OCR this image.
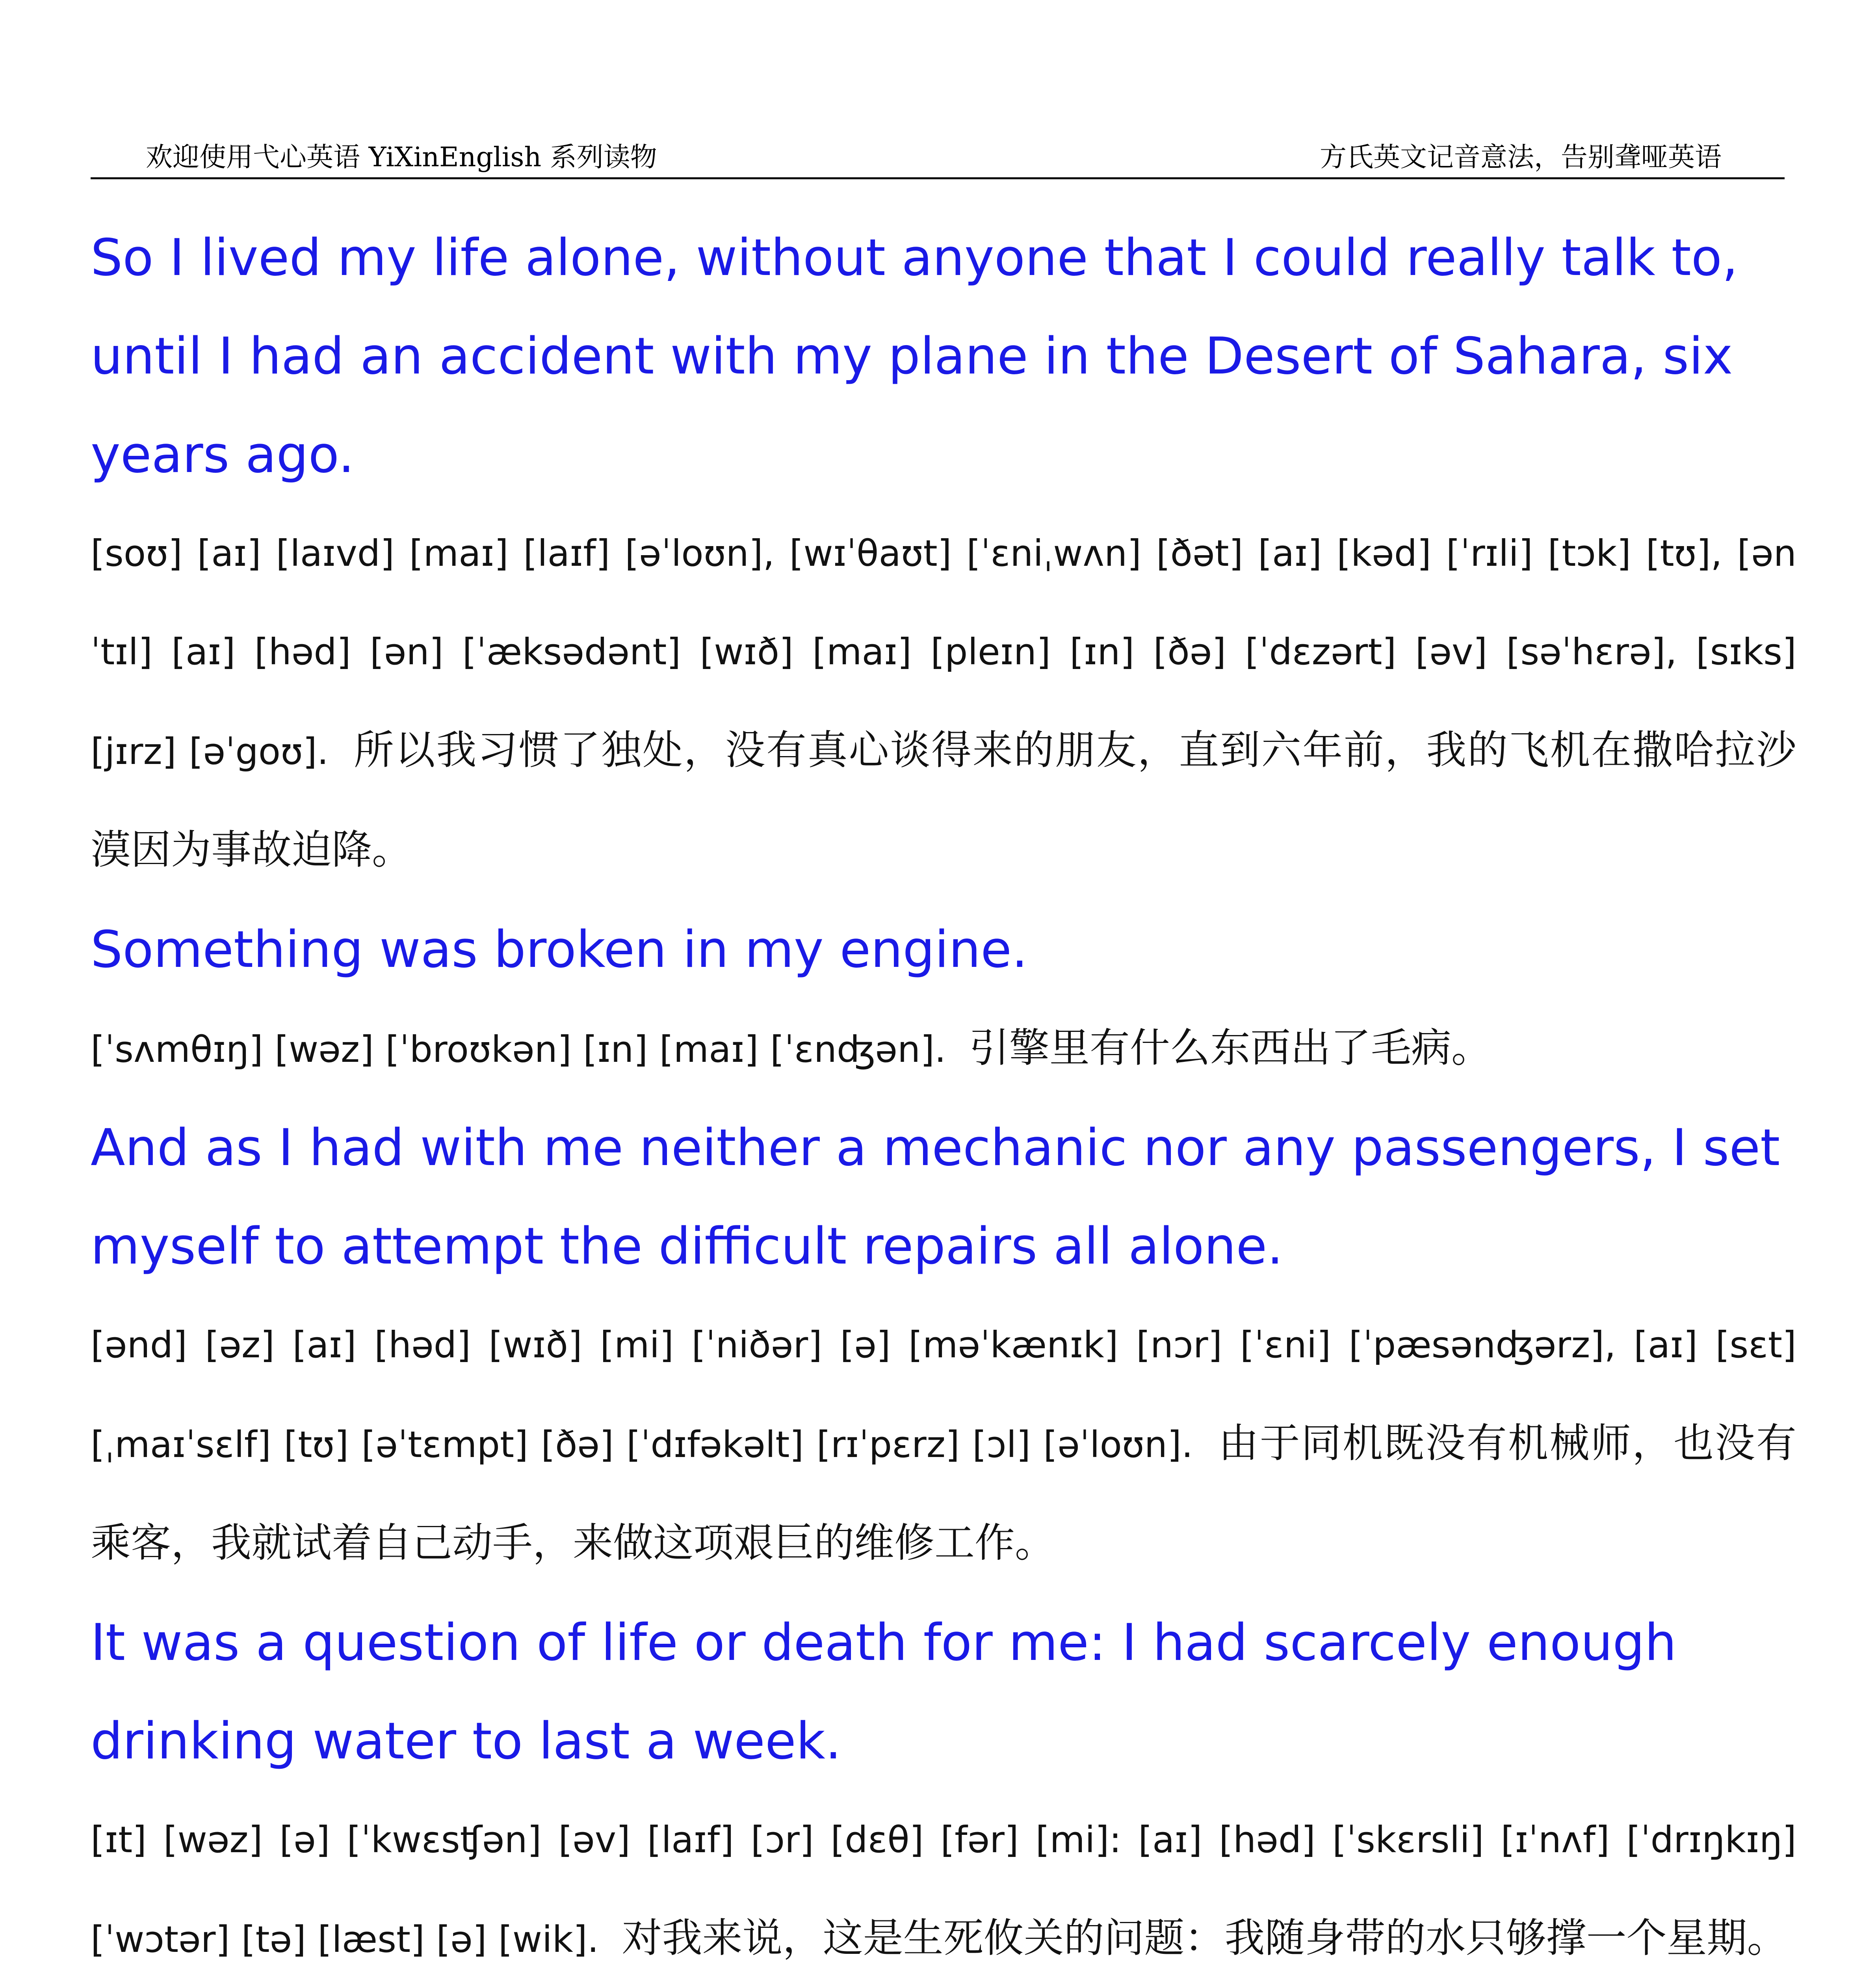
欢迎使用弋心英语 YiXinEnglish 系列读物	方氏英文记音意法，告别聋哑英语

So I lived my life alone, without anyone that I could really talk to, until I had an accident with my plane in the Desert of Sahara, six years ago.

[soʊ] [aɪ] [laɪvd] [maɪ] [laɪf] [əˈloʊn], [wɪˈθaʊt] [ˈɛniˌwʌn] [ðət] [aɪ] [kəd] [ˈrɪli] [tɔk] [tʊ], [ənˈtɪl] [aɪ] [həd] [ən] [ˈæksədənt] [wɪð] [maɪ] [pleɪn] [ɪn] [ðə] [ˈdɛzərt] [əv] [səˈhɛrə], [sɪks] [jɪrz] [əˈgoʊ]. 所以我习惯了独处，没有真心谈得来的朋友，直到六年前，我的飞机在撒哈拉沙漠因为事故迫降。

Something was broken in my engine.

[ˈsʌmθɪŋ] [wəz] [ˈbroʊkən] [ɪn] [maɪ] [ˈɛnʤən]. 引擎里有什么东西出了毛病。

And as I had with me neither a mechanic nor any passengers, I set myself to attempt the difficult repairs all alone.

[ənd] [əz] [aɪ] [həd] [wɪð] [mi] [ˈniðər] [ə] [məˈkænɪk] [nɔr] [ˈɛni] [ˈpæsənʤərz], [aɪ] [sɛt] [ˌmaɪˈsɛlf] [tʊ] [əˈtɛmpt] [ðə] [ˈdɪfəkəlt] [rɪˈpɛrz] [ɔl] [əˈloʊn]. 由于同机既没有机械师，也没有乘客，我就试着自己动手，来做这项艰巨的维修工作。

It was a question of life or death for me: I had scarcely enough drinking water to last a week.

[ɪt] [wəz] [ə] [ˈkwɛsʧən] [əv] [laɪf] [ɔr] [dɛθ] [fər] [mi]: [aɪ] [həd] [ˈskɛrsli] [ɪˈnʌf] [ˈdrɪŋkɪŋ] [ˈwɔtər] [tə] [læst] [ə] [wik]. 对我来说，这是生死攸关的问题：我随身带的水只够撑一个星期。
